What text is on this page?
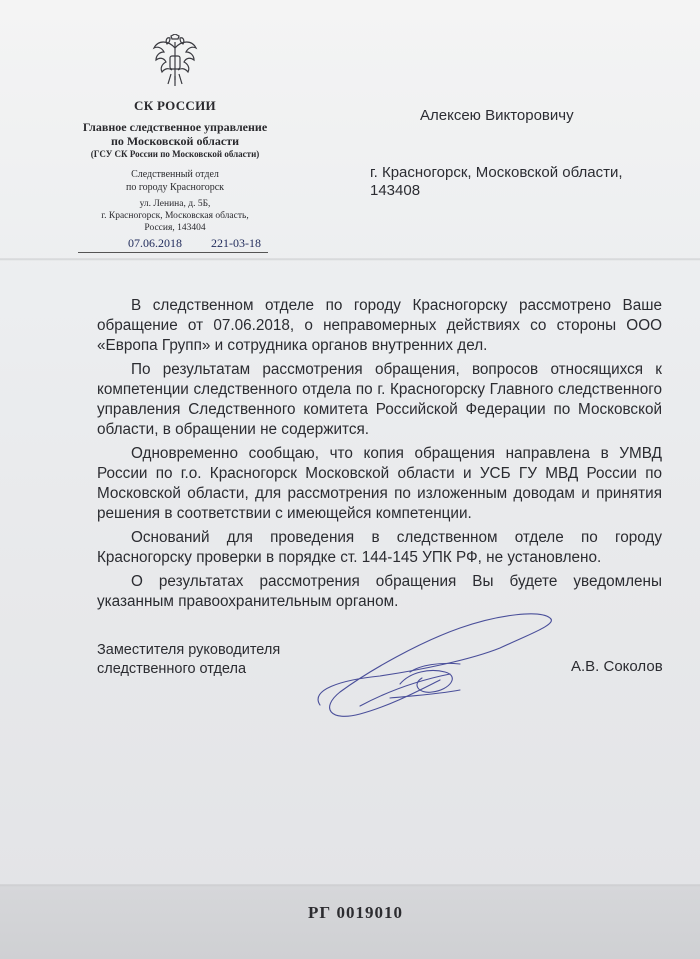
СК РОССИИ
Главное следственное управление
по Московской области
(ГСУ СК России по Московской области)
Следственный отдел
по городу Красногорск
ул. Ленина, д. 5Б,
г. Красногорск, Московская область,
Россия, 143404
07.06.2018 221-03-18
Алексею Викторовичу
г. Красногорск, Московской области,
143408

В следственном отделе по городу Красногорску рассмотрено Ваше обращение от 07.06.2018, о неправомерных действиях со стороны ООО «Европа Групп» и сотрудника органов внутренних дел.

По результатам рассмотрения обращения, вопросов относящихся к компетенции следственного отдела по г. Красногорску Главного следственного управления Следственного комитета Российской Федерации по Московской области, в обращении не содержится.

Одновременно сообщаю, что копия обращения направлена в УМВД России по г.о. Красногорск Московской области и УСБ ГУ МВД России по Московской области, для рассмотрения по изложенным доводам и принятия решения в соответствии с имеющейся компетенции.

Оснований для проведения в следственном отделе по городу Красногорску проверки в порядке ст. 144-145 УПК РФ, не установлено.

О результатах рассмотрения обращения Вы будете уведомлены указанным правоохранительным органом.

Заместителя руководителя
следственного отдела	А.В. Соколов
РГ 0019010
